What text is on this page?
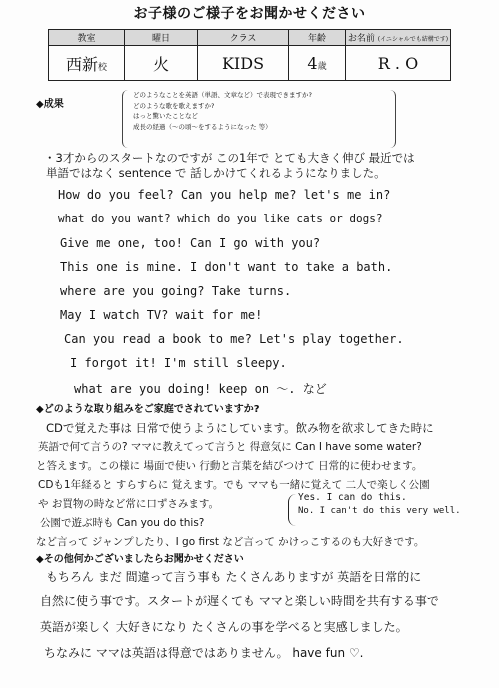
お子様のご様子をお聞かせください
教室	曜日	クラス	年齢	お名前 (イニシャルでも結構です)
西新校	火	KIDS	4歳	R . O
◆成果
どのようなことを英語（単語、文章など）で表現できますか?
どのような歌を歌えますか?
はっと驚いたことなど
成長の経過（〜の頃〜をするようになった 等）
・3才からのスタートなのですが この1年で とても大きく伸び 最近では
単語ではなく sentence で 話しかけてくれるようになりました。
How do you feel? Can you help me? let's me in?
what do you want? which do you like cats or dogs?
Give me one, too! Can I go with you?
This one is mine. I don't want to take a bath.
where are you going? Take turns.
May I watch TV? wait for me!
Can you read a book to me? Let's play together.
I forgot it! I'm still sleepy.
what are you doing! keep on 〜. など
◆どのような取り組みをご家庭でされていますか?
CDで覚えた事は 日常で使うようにしています。飲み物を欲求してきた時に
英語で何て言うの? ママに教えてって言うと 得意気に Can I have some water?
と答えます。この様に 場面で使い 行動と言葉を結びつけて 日常的に使わせます。
CDも1年経ると すらすらに 覚えます。でも ママも一緒に覚えて 二人で楽しく公園
や お買物の時など常に口ずさみます。
公園で遊ぶ時も Can you do this?
Yes. I can do this.
No. I can't do this very well.
など言って ジャンプしたり、I go first など言って かけっこするのも大好きです。
◆その他何かございましたらお聞かせください
もちろん まだ 間違って言う事も たくさんありますが 英語を日常的に
自然に使う事です。スタートが遅くても ママと楽しい時間を共有する事で
英語が楽しく 大好きになり たくさんの事を学べると実感しました。
ちなみに ママは英語は得意ではありません。 have fun ♡.
